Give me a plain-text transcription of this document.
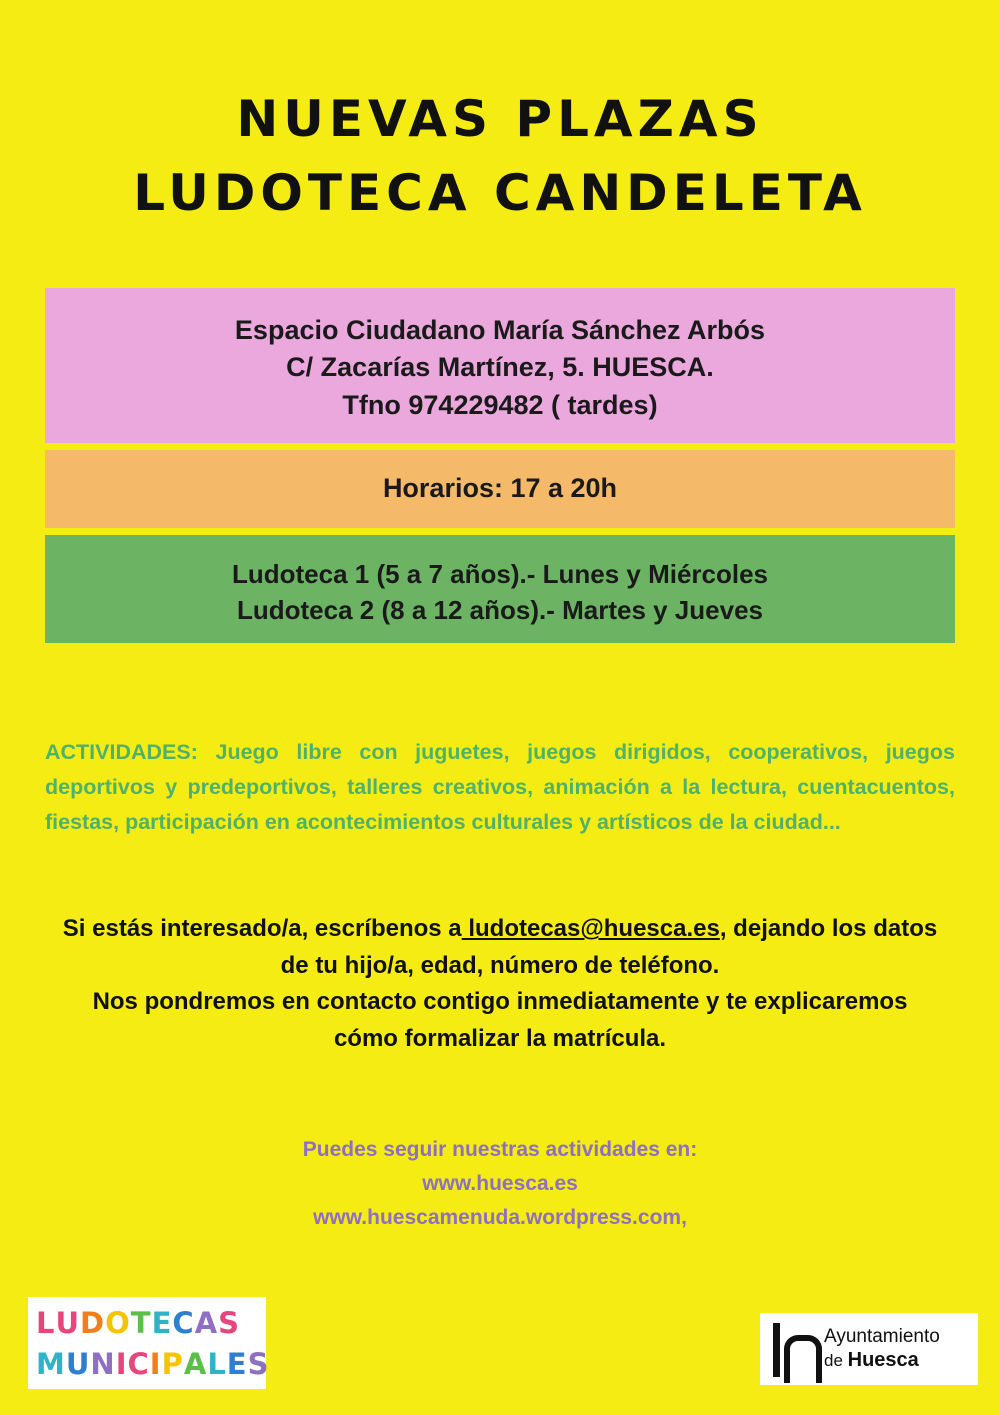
NUEVAS PLAZAS
LUDOTECA CANDELETA

Espacio Ciudadano María Sánchez Arbós

C/ Zacarías Martínez, 5. HUESCA.

Tfno 974229482 ( tardes)

Horarios: 17 a 20h

Ludoteca 1 (5 a 7 años).- Lunes y Miércoles

Ludoteca 2 (8 a 12 años).- Martes y Jueves

ACTIVIDADES: Juego libre con juguetes, juegos dirigidos, cooperativos, juegos deportivos y predeportivos, talleres creativos, animación a la lectura, cuentacuentos, fiestas, participación en acontecimientos culturales y artísticos de la ciudad...
Si estás interesado/a, escríbenos a ludotecas@huesca.es, dejando los datos de tu hijo/a, edad, número de teléfono.
Nos pondremos en contacto contigo inmediatamente y te explicaremos cómo formalizar la matrícula.
Puedes seguir nuestras actividades en:
www.huesca.es
www.huescamenuda.wordpress.com,
LUDOTECAS
MUNICIPALES
Ayuntamiento
de Huesca
